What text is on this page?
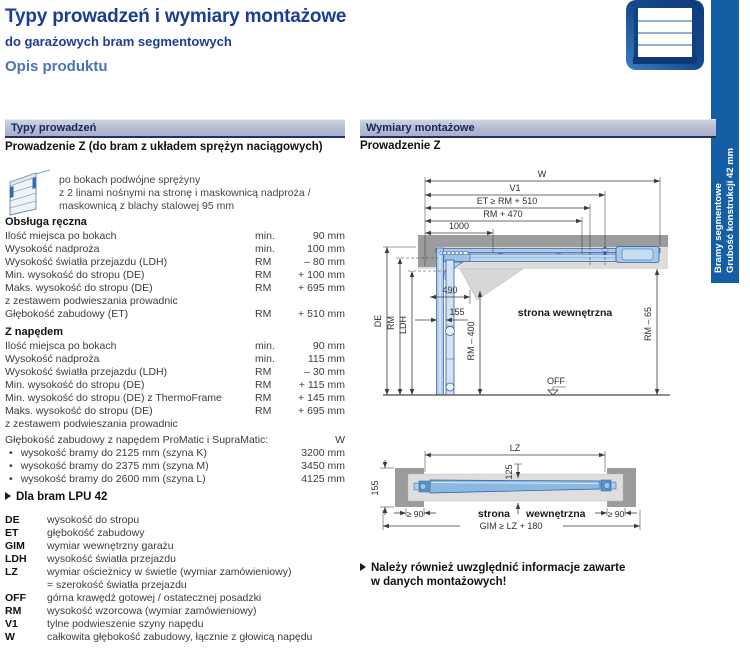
Typy prowadzeń i wymiary montażowe
do garażowych bram segmentowych
Opis produktu
Bramy segmentowe Grubość konstrukcji 42 mm
Typy prowadzeń	Wymiary montażowe
Prowadzenie Z (do bram z układem sprężyn naciągowych)	Prowadzenie Z
po bokach podwójne sprężyny
z 2 linami nośnymi na stronę i maskownicą nadproża /
maskownicą z blachy stalowej 95 mm
Obsługa ręczna
Ilość miejsca po bokach	min.	90 mm
Wysokość nadproża	min.	100 mm
Wysokość światła przejazdu (LDH)	RM	– 80 mm
Min. wysokość do stropu (DE)	RM	+ 100 mm
Maks. wysokość do stropu (DE)	RM	+ 695 mm
z zestawem podwieszania prowadnic
Głębokość zabudowy (ET)	RM	+ 510 mm
Z napędem
Ilość miejsca po bokach	min.	90 mm
Wysokość nadproża	min.	115 mm
Wysokość światła przejazdu (LDH)	RM	– 30 mm
Min. wysokość do stropu (DE)	RM	+ 115 mm
Min. wysokość do stropu (DE) z ThermoFrame	RM	+ 145 mm
Maks. wysokość do stropu (DE)	RM	+ 695 mm
z zestawem podwieszania prowadnic
Głębokość zabudowy z napędem ProMatic i SupraMatic:	W
• wysokość bramy do 2125 mm (szyna K)	3200 mm
• wysokość bramy do 2375 mm (szyna M)	3450 mm
• wysokość bramy do 2600 mm (szyna L)	4125 mm
Dla bram LPU 42
DE	wysokość do stropu
ET	głębokość zabudowy
GIM	wymiar wewnętrzny garażu
LDH	wysokość światła przejazdu
LZ	wymiar ościeżnicy w świetle (wymiar zamówieniowy)
= szerokość światła przejazdu
OFF	górna krawędź gotowej / ostatecznej posadzki
RM	wysokość wzorcowa (wymiar zamówieniowy)
V1	tylne podwieszenie szyny napędu
W	całkowita głębokość zabudowy, łącznie z głowicą napędu
W
V1
ET ≥ RM + 510
RM + 470
1000
DE RM LDH
490
RM – 400
155	RM – 65
strona wewnętrzna
OFF
LZ
125
155
≥ 90	≥ 90
strona wewnętrzna
GIM ≥ LZ + 180
Należy również uwzględnić informacje zawarte
w danych montażowych!
